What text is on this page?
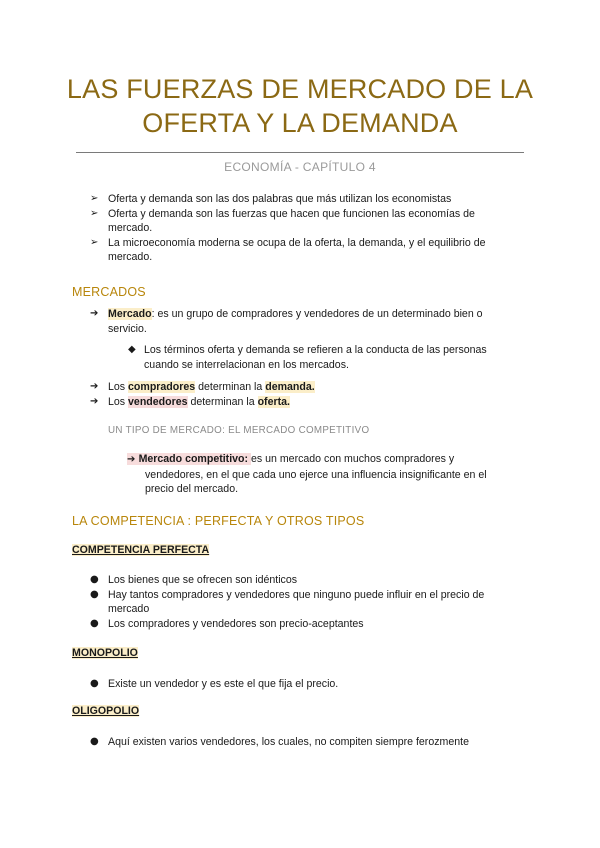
LAS FUERZAS DE MERCADO DE LA
OFERTA Y LA DEMANDA
ECONOMÍA - CAPÍTULO 4
➢ Oferta y demanda son las dos palabras que más utilizan los economistas
➢ Oferta y demanda son las fuerzas que hacen que funcionen las economías de
mercado.
➢ La microeconomía moderna se ocupa de la oferta, la demanda, y el equilibrio de
mercado.
MERCADOS
➔ Mercado: es un grupo de compradores y vendedores de un determinado bien o
servicio.
◆ Los términos oferta y demanda se refieren a la conducta de las personas
cuando se interrelacionan en los mercados.
➔ Los compradores determinan la demanda.
➔ Los vendedores determinan la oferta.
UN TIPO DE MERCADO: EL MERCADO COMPETITIVO
➔ Mercado competitivo: es un mercado con muchos compradores y
vendedores, en el que cada uno ejerce una influencia insignificante en el
precio del mercado.
LA COMPETENCIA : PERFECTA Y OTROS TIPOS
COMPETENCIA PERFECTA
● Los bienes que se ofrecen son idénticos
● Hay tantos compradores y vendedores que ninguno puede influir en el precio de
mercado
● Los compradores y vendedores son precio-aceptantes
MONOPOLIO
● Existe un vendedor y es este el que fija el precio.
OLIGOPOLIO
● Aquí existen varios vendedores, los cuales, no compiten siempre ferozmente
